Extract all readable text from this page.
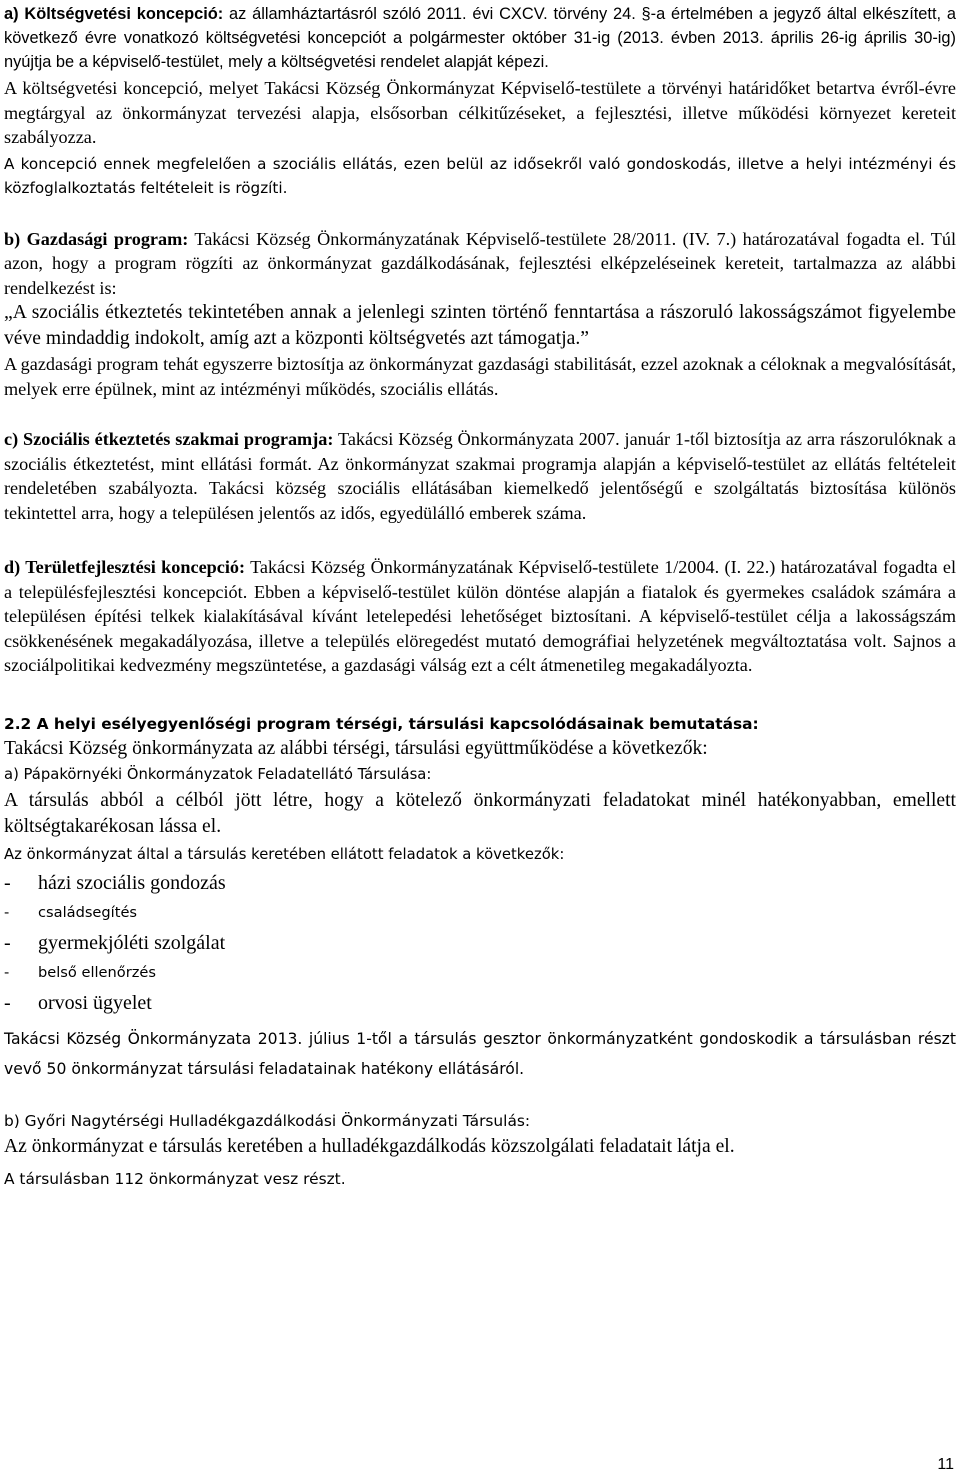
a) Költségvetési koncepció: az államháztartásról szóló 2011. évi CXCV. törvény 24. §-a értelmében a jegyző által elkészített, a következő évre vonatkozó költségvetési koncepciót a polgármester október 31-ig (2013. évben 2013. április 26-ig április 30-ig) nyújtja be a képviselő-testület, mely a költségvetési rendelet alapját képezi.

A költségvetési koncepció, melyet Takácsi Község Önkormányzat Képviselő-testülete a törvényi határidőket betartva évről-évre megtárgyal az önkormányzat tervezési alapja, elsősorban célkitűzéseket, a fejlesztési, illetve működési környezet kereteit szabályozza.

A koncepció ennek megfelelően a szociális ellátás, ezen belül az idősekről való gondoskodás, illetve a helyi intézményi és közfoglalkoztatás feltételeit is rögzíti.

b) Gazdasági program: Takácsi Község Önkormányzatának Képviselő-testülete 28/2011. (IV. 7.) határozatával fogadta el. Túl azon, hogy a program rögzíti az önkormányzat gazdálkodásának, fejlesztési elképzeléseinek kereteit, tartalmazza az alábbi rendelkezést is:

„A szociális étkeztetés tekintetében annak a jelenlegi szinten történő fenntartása a rászoruló lakosságszámot figyelembe véve mindaddig indokolt, amíg azt a központi költségvetés azt támogatja.”

A gazdasági program tehát egyszerre biztosítja az önkormányzat gazdasági stabilitását, ezzel azoknak a céloknak a megvalósítását, melyek erre épülnek, mint az intézményi működés, szociális ellátás.

c) Szociális étkeztetés szakmai programja: Takácsi Község Önkormányzata 2007. január 1-től biztosítja az arra rászorulóknak a szociális étkeztetést, mint ellátási formát. Az önkormányzat szakmai programja alapján a képviselő-testület az ellátás feltételeit rendeletében szabályozta. Takácsi község szociális ellátásában kiemelkedő jelentőségű e szolgáltatás biztosítása különös tekintettel arra, hogy a településen jelentős az idős, egyedülálló emberek száma.

d) Területfejlesztési koncepció: Takácsi Község Önkormányzatának Képviselő-testülete 1/2004. (I. 22.) határozatával fogadta el a településfejlesztési koncepciót. Ebben a képviselő-testület külön döntése alapján a fiatalok és gyermekes családok számára a településen építési telkek kialakításával kívánt letelepedési lehetőséget biztosítani. A képviselő-testület célja a lakosságszám csökkenésének megakadályozása, illetve a település elöregedést mutató demográfiai helyzetének megváltoztatása volt. Sajnos a szociálpolitikai kedvezmény megszüntetése, a gazdasági válság ezt a célt átmenetileg megakadályozta.

2.2 A helyi esélyegyenlőségi program térségi, társulási kapcsolódásainak bemutatása:

Takácsi Község önkormányzata az alábbi térségi, társulási együttműködése a következők:

a) Pápakörnyéki Önkormányzatok Feladatellátó Társulása:

A társulás abból a célból jött létre, hogy a kötelező önkormányzati feladatokat minél hatékonyabban, emellett költségtakarékosan lássa el.

Az önkormányzat által a társulás keretében ellátott feladatok a következők:

-	házi szociális gondozás
-	családsegítés
-	gyermekjóléti szolgálat
-	belső ellenőrzés
-	orvosi ügyelet

Takácsi Község Önkormányzata 2013. július 1-től a társulás gesztor önkormányzatként gondoskodik a társulásban részt vevő 50 önkormányzat társulási feladatainak hatékony ellátásáról.

b) Győri Nagytérségi Hulladékgazdálkodási Önkormányzati Társulás:

Az önkormányzat e társulás keretében a hulladékgazdálkodás közszolgálati feladatait látja el.

A társulásban 112 önkormányzat vesz részt.

11
